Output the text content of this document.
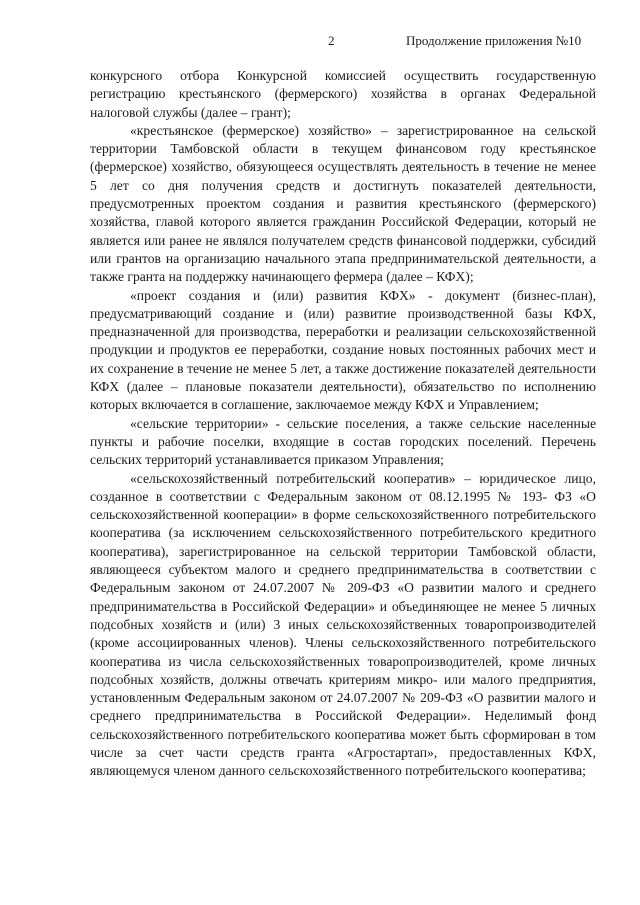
2	Продолжение приложения №10

конкурсного отбора Конкурсной комиссией осуществить государственную регистрацию крестьянского (фермерского) хозяйства в органах Федеральной налоговой службы (далее – грант);

«крестьянское (фермерское) хозяйство» – зарегистрированное на сельской территории Тамбовской области в текущем финансовом году крестьянское (фермерское) хозяйство, обязующееся осуществлять деятельность в течение не менее 5 лет со дня получения средств и достигнуть показателей деятельности, предусмотренных проектом создания и развития крестьянского (фермерского) хозяйства, главой которого является гражданин Российской Федерации, который не является или ранее не являлся получателем средств финансовой поддержки, субсидий или грантов на организацию начального этапа предпринимательской деятельности, а также гранта на поддержку начинающего фермера (далее – КФХ);

«проект создания и (или) развития КФХ» - документ (бизнес-план), предусматривающий создание и (или) развитие производственной базы КФХ, предназначенной для производства, переработки и реализации сельскохозяйственной продукции и продуктов ее переработки, создание новых постоянных рабочих мест и их сохранение в течение не менее 5 лет, а также достижение показателей деятельности КФХ (далее – плановые показатели деятельности), обязательство по исполнению которых включается в соглашение, заключаемое между КФХ и Управлением;

«сельские территории» - сельские поселения, а также сельские населенные пункты и рабочие поселки, входящие в состав городских поселений. Перечень сельских территорий устанавливается приказом Управления;

«сельскохозяйственный потребительский кооператив» – юридическое лицо, созданное в соответствии с Федеральным законом от 08.12.1995 № 193- ФЗ «О сельскохозяйственной кооперации» в форме сельскохозяйственного потребительского кооператива (за исключением сельскохозяйственного потребительского кредитного кооператива), зарегистрированное на сельской территории Тамбовской области, являющееся субъектом малого и среднего предпринимательства в соответствии с Федеральным законом от 24.07.2007 № 209-ФЗ «О развитии малого и среднего предпринимательства в Российской Федерации» и объединяющее не менее 5 личных подсобных хозяйств и (или) 3 иных сельскохозяйственных товаропроизводителей (кроме ассоциированных членов). Члены сельскохозяйственного потребительского кооператива из числа сельскохозяйственных товаропроизводителей, кроме личных подсобных хозяйств, должны отвечать критериям микро- или малого предприятия, установленным Федеральным законом от 24.07.2007 № 209-ФЗ «О развитии малого и среднего предпринимательства в Российской Федерации». Неделимый фонд сельскохозяйственного потребительского кооператива может быть сформирован в том числе за счет части средств гранта «Агростартап», предоставленных КФХ, являющемуся членом данного сельскохозяйственного потребительского кооператива;
